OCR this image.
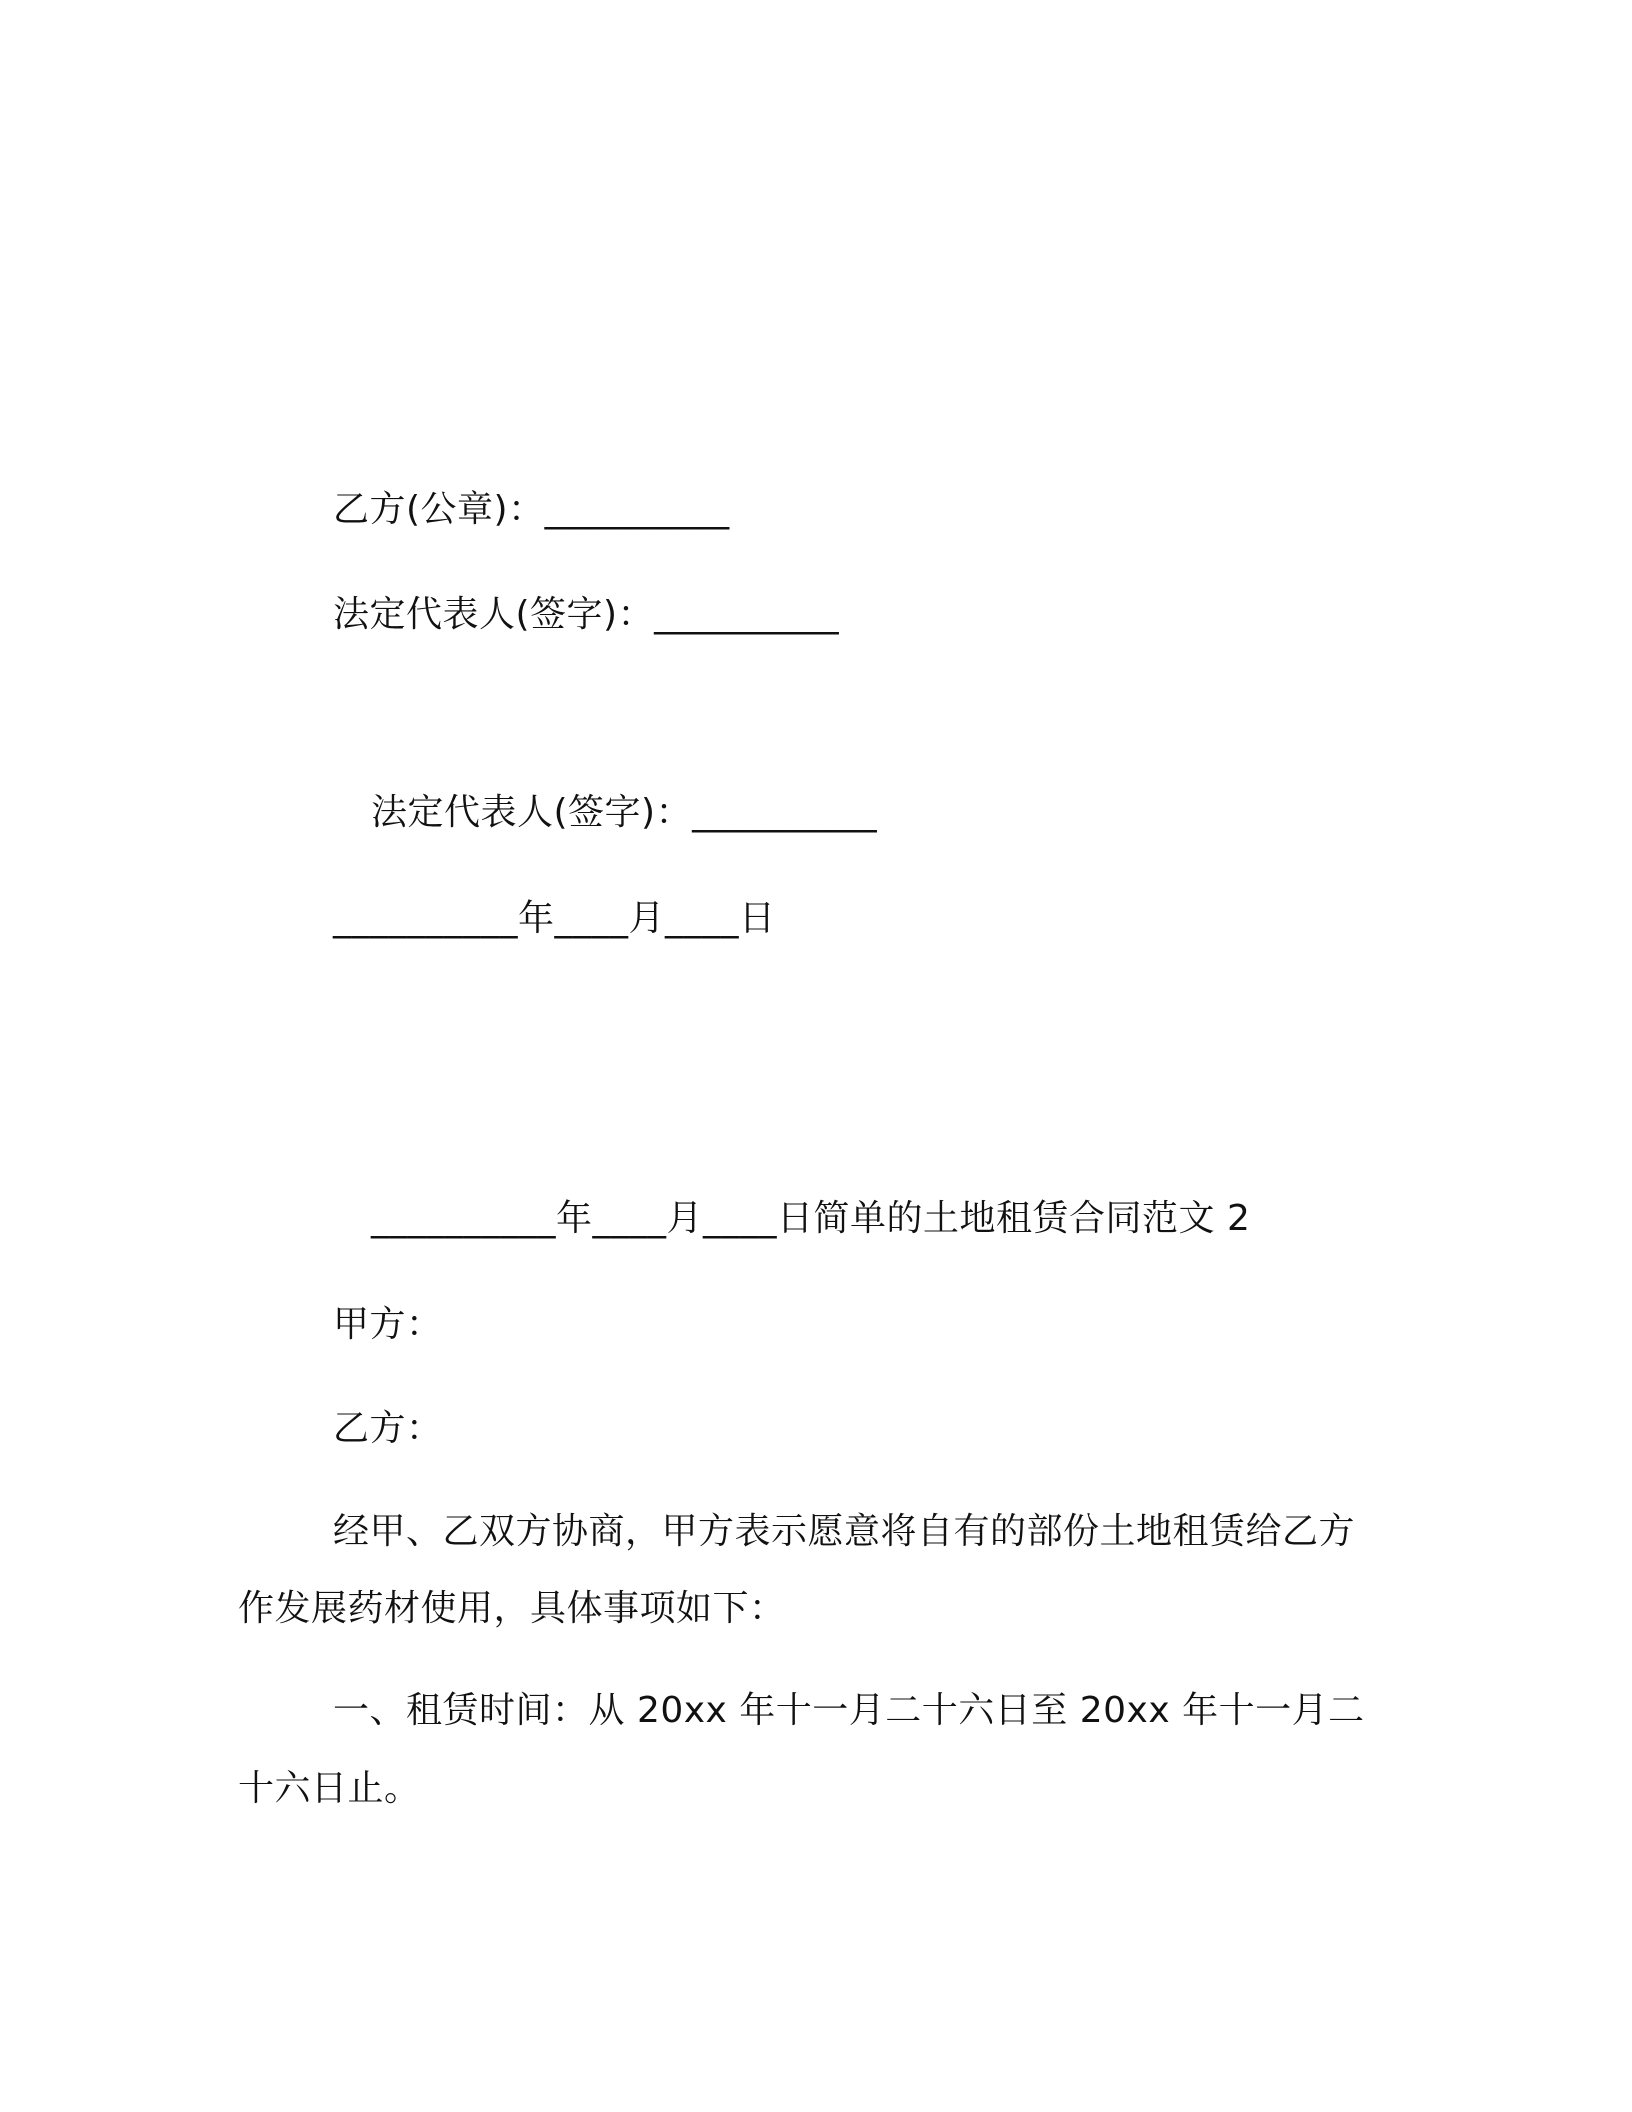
乙方(公章)：__________
法定代表人(签字)：__________
法定代表人(签字)：__________
__________年____月____日
__________年____月____日简单的土地租赁合同范文 2
甲方：
乙方：
经甲、乙双方协商，甲方表示愿意将自有的部份土地租赁给乙方
作发展药材使用，具体事项如下：
一、租赁时间：从 20xx 年十一月二十六日至 20xx 年十一月二
十六日止。
